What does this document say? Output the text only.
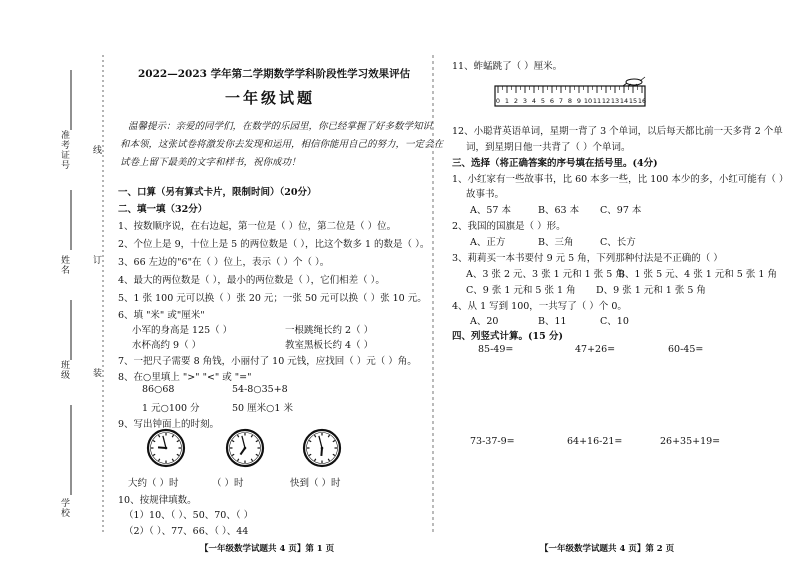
准考证号 线
姓名 订
班级 装
学校
2022—2023 学年第二学期数学学科阶段性学习效果评估
一年级试题
温馨提示：亲爱的同学们，在数学的乐园里，你已经掌握了好多数学知识
和本领，这张试卷将激发你去发现和运用，相信你能用自己的努力，一定会在
试卷上留下最美的文字和样书，祝你成功！
一、口算（另有算式卡片，限制时间）（20分）
二、填一填（32分）
1、按数顺序说，在右边起，第一位是（ ）位，第二位是（ ）位。
2、个位上是 9，十位上是 5 的两位数是（ ），比这个数多 1 的数是（ ）。
3、66 左边的"6"在（ ）位上，表示（ ）个（ ）。
4、最大的两位数是（ ），最小的两位数是（ ），它们相差（ ）。
5、1 张 100 元可以换（ ）张 20 元；一张 50 元可以换（ ）张 10 元。
6、填 "米" 或"厘米"
小军的身高是 125（ ）	一根跳绳长约 2（ ）
水杯高约 9（ ）	教室黑板长约 4（ ）
7、一把尺子需要 8 角钱，小丽付了 10 元钱，应找回（ ）元（ ）角。
8、在○里填上 ">" "<" 或 "="
86○68	54-8○35+8
1 元○100 分	50 厘米○1 米
9、写出钟面上的时刻。
大约（ ）时	（ ）时	快到（ ）时
10、按规律填数。
（1）10、（ ）、50、70、（ ）
（2）（ ）、77、66、（ ）、44
【一年级数学试题共 4 页】第 1 页
11、蚱蜢跳了（ ）厘米。
0 1 2 3 4 5 6 7 8 9 10 11 12 13 14 15 16
12、小聪背英语单词，星期一背了 3 个单词，以后每天都比前一天多背 2 个单
词，到星期日他一共背了（ ）个单词。
三、选择（将正确答案的序号填在括号里。(4分)
1、小红家有一些故事书，比 60 本多一些，比 100 本少的多，小红可能有（ ）
故事书。
A、57 本	B、63 本 C、97 本
2、我国的国旗是（ ）形。
A、正方	B、三角	C、长方
3、莉莉买一本书要付 9 元 5 角，下列那种付法是不正确的（ ）
A、3 张 2 元、3 张 1 元和 1 张 5 角
B、1 张 5 元、4 张 1 元和 5 张 1 角
C、9 张 1 元和 5 张 1 角 D、9 张 1 元和 1 张 5 角
4、从 1 写到 100，一共写了（ ）个 0。
A、20	B、11	C、10
四、列竖式计算。(15 分)
85-49=	47+26=	60-45=
73-37-9=	64+16-21=	26+35+19=
【一年级数学试题共 4 页】第 2 页
